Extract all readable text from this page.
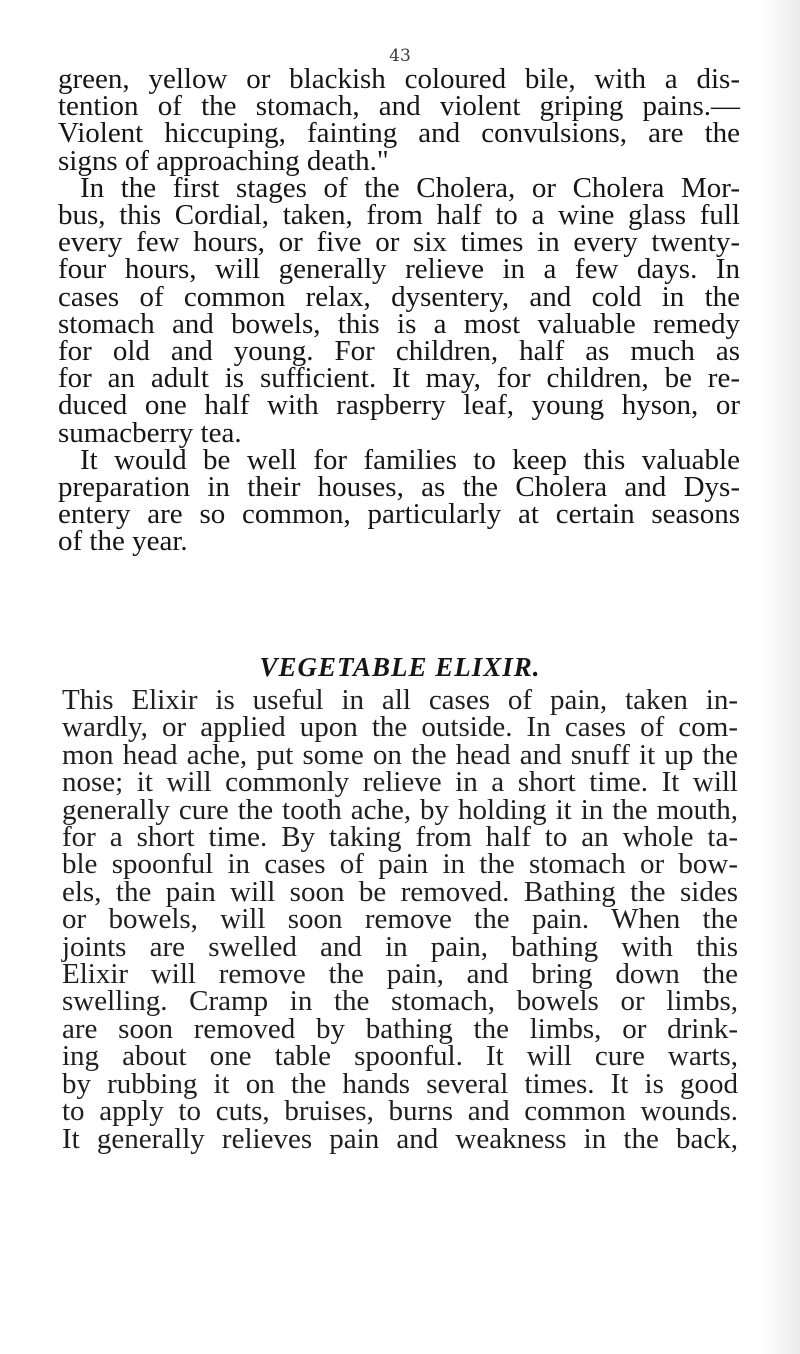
43
green, yellow or blackish coloured bile, with a dis-
tention of the stomach, and violent griping pains.—
Violent hiccuping, fainting and convulsions, are the
signs of approaching death."
In the first stages of the Cholera, or Cholera Mor-
bus, this Cordial, taken, from half to a wine glass full
every few hours, or five or six times in every twenty-
four hours, will generally relieve in a few days. In
cases of common relax, dysentery, and cold in the
stomach and bowels, this is a most valuable remedy
for old and young. For children, half as much as
for an adult is sufficient. It may, for children, be re-
duced one half with raspberry leaf, young hyson, or
sumacberry tea.
It would be well for families to keep this valuable
preparation in their houses, as the Cholera and Dys-
entery are so common, particularly at certain seasons
of the year.
VEGETABLE ELIXIR.
This Elixir is useful in all cases of pain, taken in-
wardly, or applied upon the outside. In cases of com-
mon head ache, put some on the head and snuff it up the
nose; it will commonly relieve in a short time. It will
generally cure the tooth ache, by holding it in the mouth,
for a short time. By taking from half to an whole ta-
ble spoonful in cases of pain in the stomach or bow-
els, the pain will soon be removed. Bathing the sides
or bowels, will soon remove the pain. When the
joints are swelled and in pain, bathing with this
Elixir will remove the pain, and bring down the
swelling. Cramp in the stomach, bowels or limbs,
are soon removed by bathing the limbs, or drink-
ing about one table spoonful. It will cure warts,
by rubbing it on the hands several times. It is good
to apply to cuts, bruises, burns and common wounds.
It generally relieves pain and weakness in the back,
